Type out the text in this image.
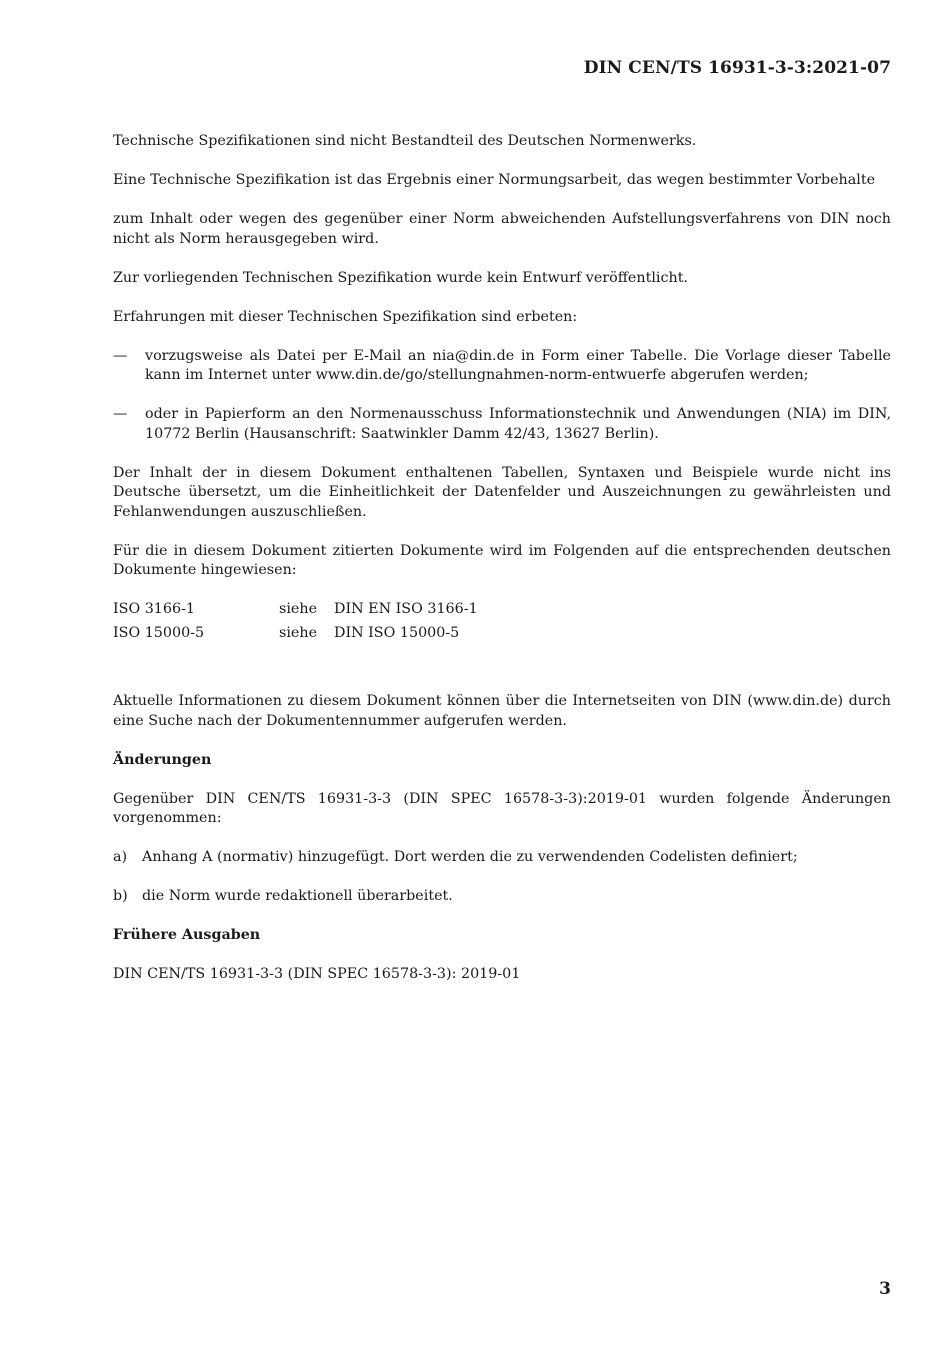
DIN CEN/TS 16931-3-3:2021-07

Technische Spezifikationen sind nicht Bestandteil des Deutschen Normenwerks.

Eine Technische Spezifikation ist das Ergebnis einer Normungsarbeit, das wegen bestimmter Vorbehalte

zum Inhalt oder wegen des gegenüber einer Norm abweichenden Aufstellungsverfahrens von DIN noch nicht als Norm herausgegeben wird.

Zur vorliegenden Technischen Spezifikation wurde kein Entwurf veröffentlicht.

Erfahrungen mit dieser Technischen Spezifikation sind erbeten:

—	vorzugsweise als Datei per E-Mail an nia@din.de in Form einer Tabelle. Die Vorlage dieser Tabelle kann im Internet unter www.din.de/go/stellungnahmen-norm-entwuerfe abgerufen werden;
—	oder in Papierform an den Normenausschuss Informationstechnik und Anwendungen (NIA) im DIN, 10772 Berlin (Hausanschrift: Saatwinkler Damm 42/43, 13627 Berlin).

Der Inhalt der in diesem Dokument enthaltenen Tabellen, Syntaxen und Beispiele wurde nicht ins Deutsche übersetzt, um die Einheitlichkeit der Datenfelder und Auszeichnungen zu gewährleisten und Fehlanwendungen auszuschließen.

Für die in diesem Dokument zitierten Dokumente wird im Folgenden auf die entsprechenden deutschen Dokumente hingewiesen:

ISO 3166-1	siehe	DIN EN ISO 3166-1
ISO 15000-5	siehe	DIN ISO 15000-5

Aktuelle Informationen zu diesem Dokument können über die Internetseiten von DIN (www.din.de) durch eine Suche nach der Dokumentennummer aufgerufen werden.

Änderungen

Gegenüber DIN CEN/TS 16931-3-3 (DIN SPEC 16578-3-3):2019-01 wurden folgende Änderungen vorgenommen:

a)	Anhang A (normativ) hinzugefügt. Dort werden die zu verwendenden Codelisten definiert;
b) die Norm wurde redaktionell überarbeitet.
Frühere Ausgaben

DIN CEN/TS 16931-3-3 (DIN SPEC 16578-3-3): 2019-01

3
